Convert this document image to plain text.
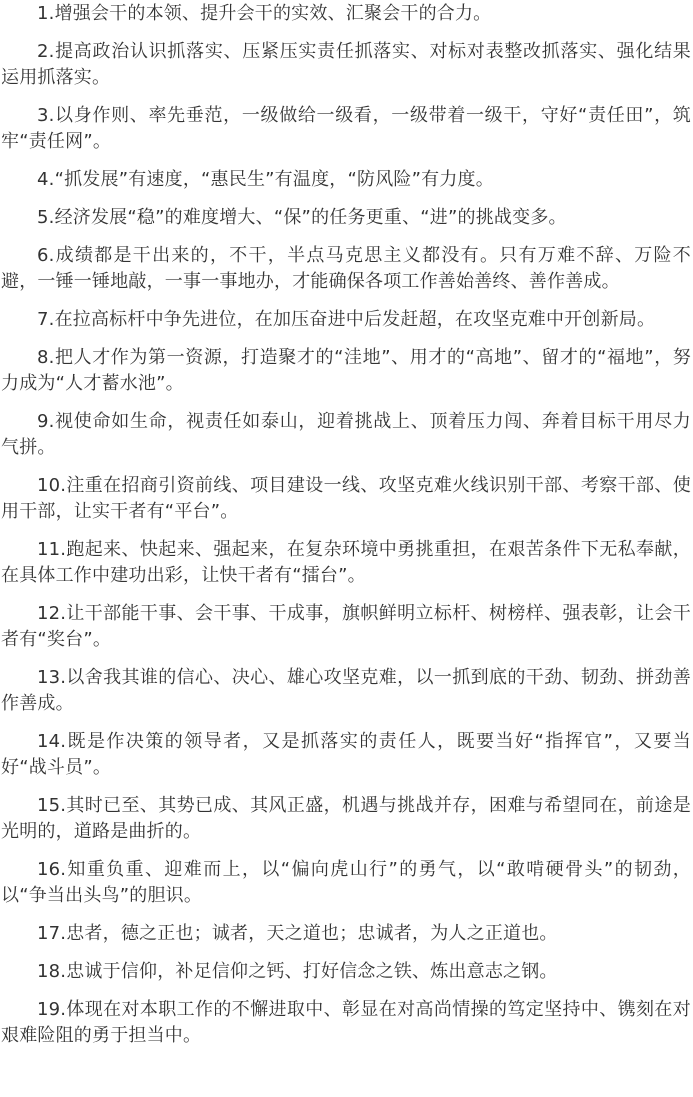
1.增强会干的本领、提升会干的实效、汇聚会干的合力。

2.提高政治认识抓落实、压紧压实责任抓落实、对标对表整改抓落实、强化结果运用抓落实。

3.以身作则、率先垂范，一级做给一级看，一级带着一级干，守好“责任田”，筑牢“责任网”。

4.“抓发展”有速度，“惠民生”有温度，“防风险”有力度。

5.经济发展“稳”的难度增大、“保”的任务更重、“进”的挑战变多。

6.成绩都是干出来的，不干，半点马克思主义都没有。只有万难不辞、万险不避，一锤一锤地敲，一事一事地办，才能确保各项工作善始善终、善作善成。

7.在拉高标杆中争先进位，在加压奋进中后发赶超，在攻坚克难中开创新局。

8.把人才作为第一资源，打造聚才的“洼地”、用才的“高地”、留才的“福地”，努力成为“人才蓄水池”。

9.视使命如生命，视责任如泰山，迎着挑战上、顶着压力闯、奔着目标干用尽力气拼。

10.注重在招商引资前线、项目建设一线、攻坚克难火线识别干部、考察干部、使用干部，让实干者有“平台”。

11.跑起来、快起来、强起来，在复杂环境中勇挑重担，在艰苦条件下无私奉献，在具体工作中建功出彩，让快干者有“擂台”。

12.让干部能干事、会干事、干成事，旗帜鲜明立标杆、树榜样、强表彰，让会干者有“奖台”。

13.以舍我其谁的信心、决心、雄心攻坚克难，以一抓到底的干劲、韧劲、拼劲善作善成。

14.既是作决策的领导者，又是抓落实的责任人，既要当好“指挥官”，又要当好“战斗员”。

15.其时已至、其势已成、其风正盛，机遇与挑战并存，困难与希望同在，前途是光明的，道路是曲折的。

16.知重负重、迎难而上，以“偏向虎山行”的勇气，以“敢啃硬骨头”的韧劲，以“争当出头鸟”的胆识。

17.忠者，德之正也；诚者，天之道也；忠诚者，为人之正道也。

18.忠诚于信仰，补足信仰之钙、打好信念之铁、炼出意志之钢。

19.体现在对本职工作的不懈进取中、彰显在对高尚情操的笃定坚持中、镌刻在对艰难险阻的勇于担当中。
